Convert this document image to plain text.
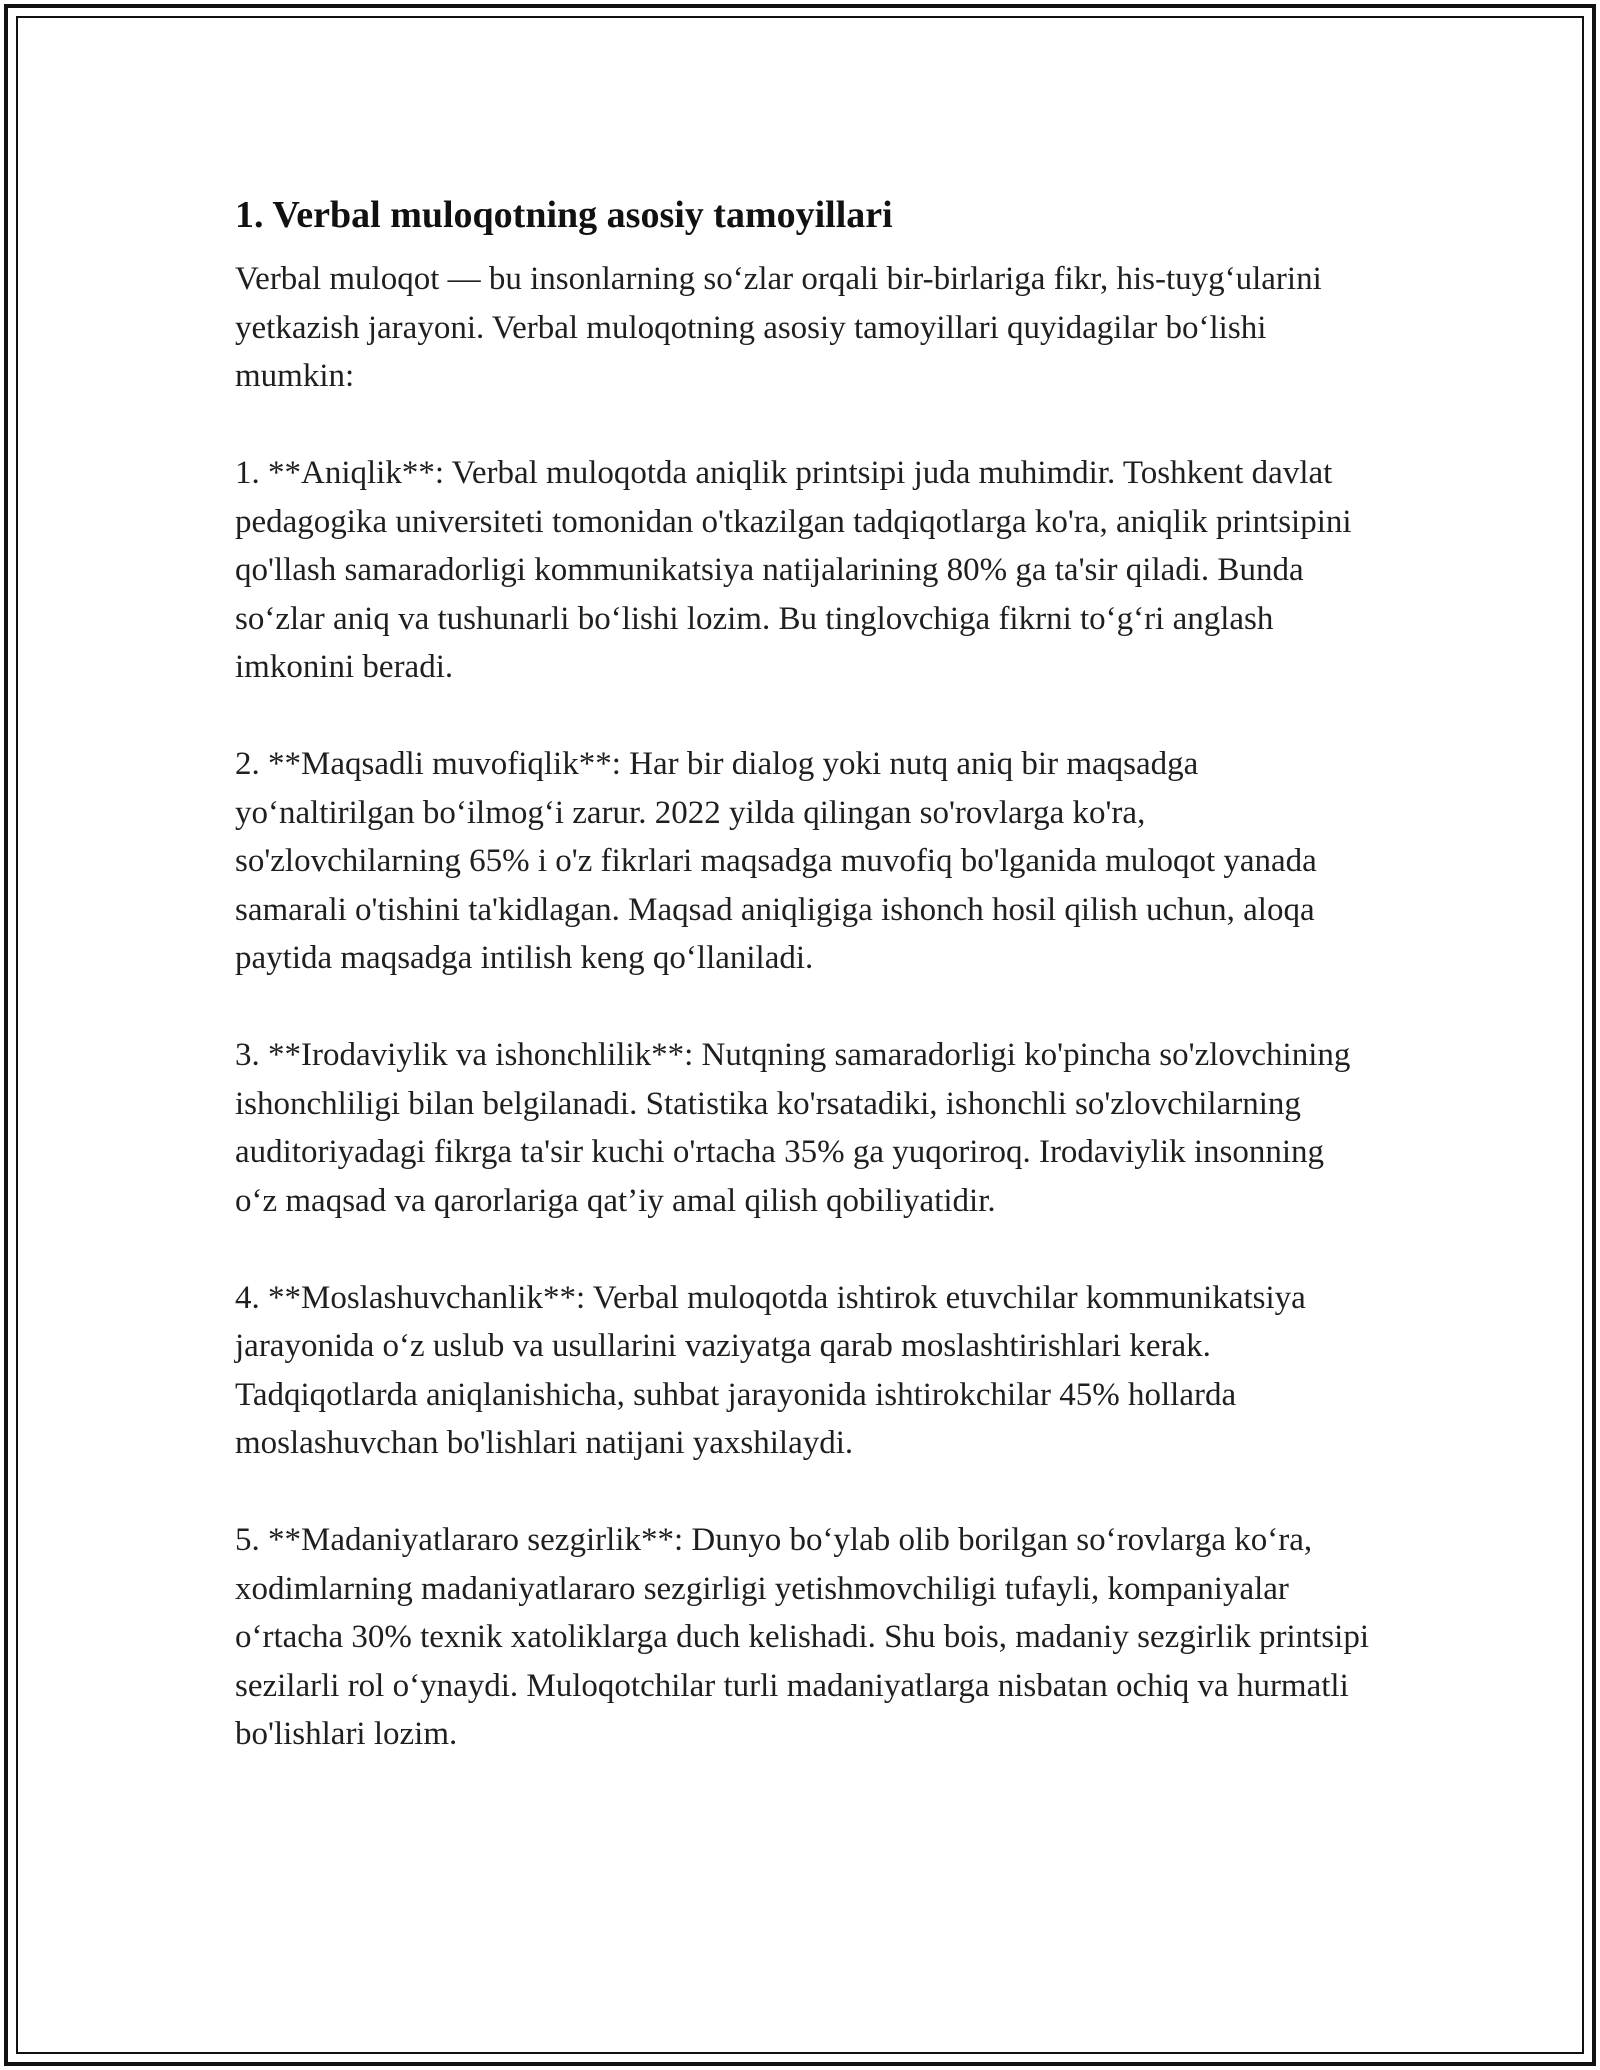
1. Verbal muloqotning asosiy tamoyillari

Verbal muloqot — bu insonlarning so‘zlar orqali bir-birlariga fikr, his-tuyg‘ularini yetkazish jarayoni. Verbal muloqotning asosiy tamoyillari quyidagilar bo‘lishi mumkin:

1. **Aniqlik**: Verbal muloqotda aniqlik printsipi juda muhimdir. Toshkent davlat pedagogika universiteti tomonidan o'tkazilgan tadqiqotlarga ko'ra, aniqlik printsipini qo'llash samaradorligi kommunikatsiya natijalarining 80% ga ta'sir qiladi. Bunda so‘zlar aniq va tushunarli bo‘lishi lozim. Bu tinglovchiga fikrni to‘g‘ri anglash imkonini beradi.

2. **Maqsadli muvofiqlik**: Har bir dialog yoki nutq aniq bir maqsadga yo‘naltirilgan bo‘ilmog‘i zarur. 2022 yilda qilingan so'rovlarga ko'ra, so'zlovchilarning 65% i o'z fikrlari maqsadga muvofiq bo'lganida muloqot yanada samarali o'tishini ta'kidlagan. Maqsad aniqligiga ishonch hosil qilish uchun, aloqa paytida maqsadga intilish keng qo‘llaniladi.

3. **Irodaviylik va ishonchlilik**: Nutqning samaradorligi ko'pincha so'zlovchining ishonchliligi bilan belgilanadi. Statistika ko'rsatadiki, ishonchli so'zlovchilarning auditoriyadagi fikrga ta'sir kuchi o'rtacha 35% ga yuqoriroq. Irodaviylik insonning o‘z maqsad va qarorlariga qat’iy amal qilish qobiliyatidir.

4. **Moslashuvchanlik**: Verbal muloqotda ishtirok etuvchilar kommunikatsiya jarayonida o‘z uslub va usullarini vaziyatga qarab moslashtirishlari kerak. Tadqiqotlarda aniqlanishicha, suhbat jarayonida ishtirokchilar 45% hollarda moslashuvchan bo'lishlari natijani yaxshilaydi.

5. **Madaniyatlararo sezgirlik**: Dunyo bo‘ylab olib borilgan so‘rovlarga ko‘ra, xodimlarning madaniyatlararo sezgirligi yetishmovchiligi tufayli, kompaniyalar o‘rtacha 30% texnik xatoliklarga duch kelishadi. Shu bois, madaniy sezgirlik printsipi sezilarli rol o‘ynaydi. Muloqotchilar turli madaniyatlarga nisbatan ochiq va hurmatli bo'lishlari lozim.
